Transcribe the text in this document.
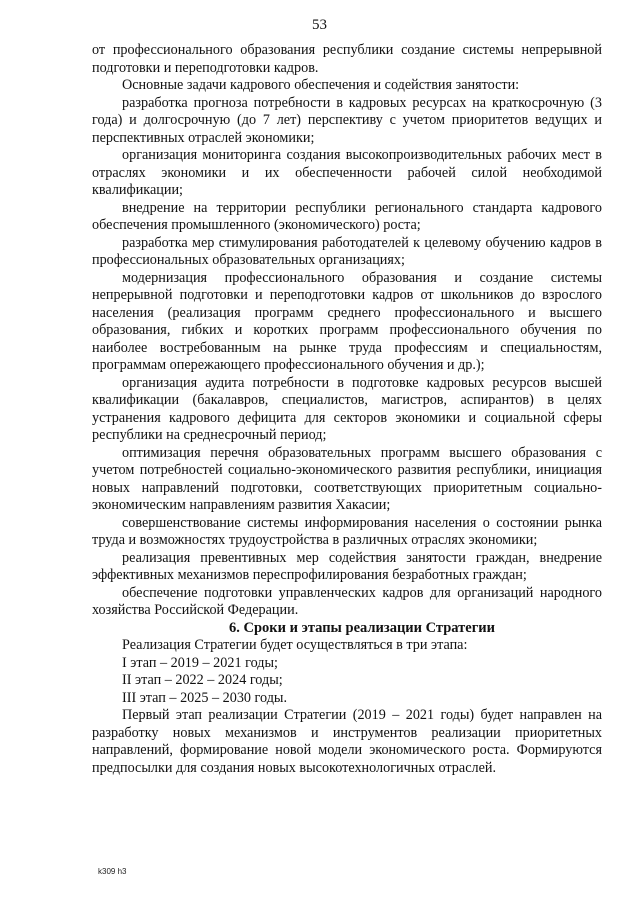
53

от профессионального образования республики создание системы непрерывной подготовки и переподготовки кадров.

Основные задачи кадрового обеспечения и содействия занятости:

разработка прогноза потребности в кадровых ресурсах на краткосрочную (3 года) и долгосрочную (до 7 лет) перспективу с учетом приоритетов ведущих и перспективных отраслей экономики;

организация мониторинга создания высокопроизводительных рабочих мест в отраслях экономики и их обеспеченности рабочей силой необходимой квалификации;

внедрение на территории республики регионального стандарта кадрового обеспечения промышленного (экономического) роста;

разработка мер стимулирования работодателей к целевому обучению кадров в профессиональных образовательных организациях;

модернизация профессионального образования и создание системы непрерывной подготовки и переподготовки кадров от школьников до взрослого населения (реализация программ среднего профессионального и высшего образования, гибких и коротких программ профессионального обучения по наиболее востребованным на рынке труда профессиям и специальностям, программам опережающего профессионального обучения и др.);

организация аудита потребности в подготовке кадровых ресурсов высшей квалификации (бакалавров, специалистов, магистров, аспирантов) в целях устранения кадрового дефицита для секторов экономики и социальной сферы республики на среднесрочный период;

оптимизация перечня образовательных программ высшего образования с учетом потребностей социально-экономического развития республики, инициация новых направлений подготовки, соответствующих приоритетным социально-экономическим направлениям развития Хакасии;

совершенствование системы информирования населения о состоянии рынка труда и возможностях трудоустройства в различных отраслях экономики;

реализация превентивных мер содействия занятости граждан, внедрение эффективных механизмов переспрофилирования безработных граждан;

обеспечение подготовки управленческих кадров для организаций народного хозяйства Российской Федерации.

6. Сроки и этапы реализации Стратегии

Реализация Стратегии будет осуществляться в три этапа:

I этап – 2019 – 2021 годы;

II этап – 2022 – 2024 годы;

III этап – 2025 – 2030 годы.

Первый этап реализации Стратегии (2019 – 2021 годы) будет направлен на разработку новых механизмов и инструментов реализации приоритетных направлений, формирование новой модели экономического роста. Формируются предпосылки для создания новых высокотехнологичных отраслей.

k309 h3
